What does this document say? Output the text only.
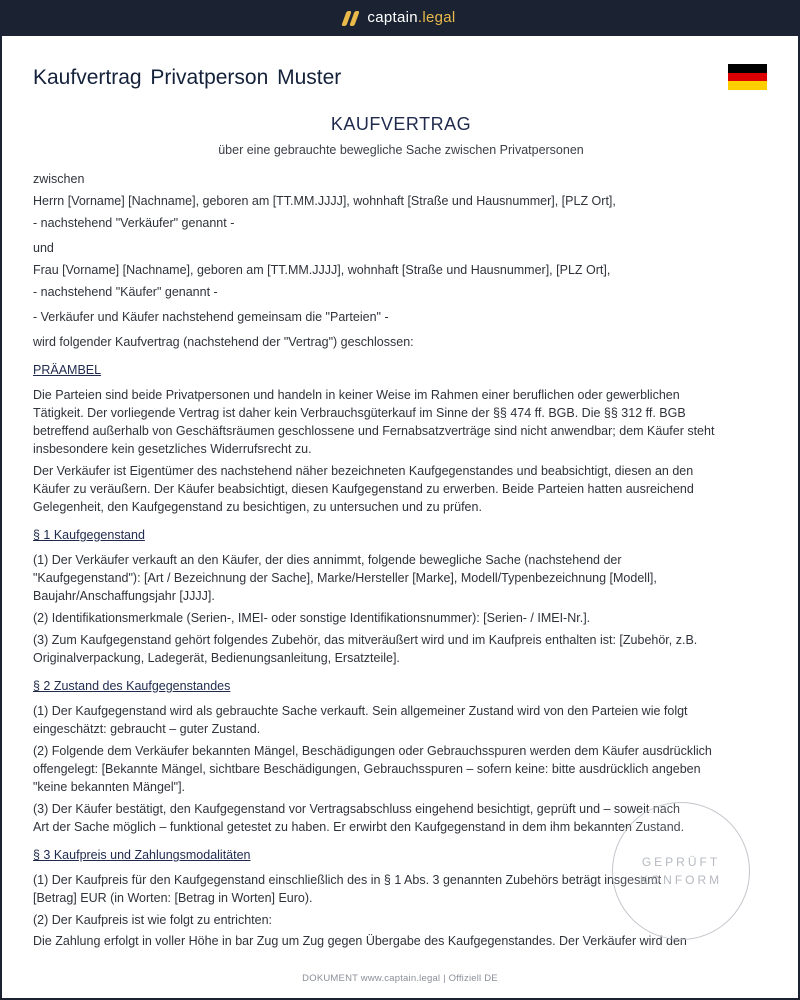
captain.legal
Kaufvertrag Privatperson Muster
KAUFVERTRAG

über eine gebrauchte bewegliche Sache zwischen Privatpersonen

zwischen

Herrn [Vorname] [Nachname], geboren am [TT.MM.JJJJ], wohnhaft [Straße und Hausnummer], [PLZ Ort],

- nachstehend "Verkäufer" genannt -

und

Frau [Vorname] [Nachname], geboren am [TT.MM.JJJJ], wohnhaft [Straße und Hausnummer], [PLZ Ort],

- nachstehend "Käufer" genannt -

- Verkäufer und Käufer nachstehend gemeinsam die "Parteien" -

wird folgender Kaufvertrag (nachstehend der "Vertrag") geschlossen:

PRÄAMBEL

Die Parteien sind beide Privatpersonen und handeln in keiner Weise im Rahmen einer beruflichen oder gewerblichen

Tätigkeit. Der vorliegende Vertrag ist daher kein Verbrauchsgüterkauf im Sinne der §§ 474 ff. BGB. Die §§ 312 ff. BGB

betreffend außerhalb von Geschäftsräumen geschlossene und Fernabsatzverträge sind nicht anwendbar; dem Käufer steht

insbesondere kein gesetzliches Widerrufsrecht zu.

Der Verkäufer ist Eigentümer des nachstehend näher bezeichneten Kaufgegenstandes und beabsichtigt, diesen an den

Käufer zu veräußern. Der Käufer beabsichtigt, diesen Kaufgegenstand zu erwerben. Beide Parteien hatten ausreichend

Gelegenheit, den Kaufgegenstand zu besichtigen, zu untersuchen und zu prüfen.

§ 1 Kaufgegenstand

(1) Der Verkäufer verkauft an den Käufer, der dies annimmt, folgende bewegliche Sache (nachstehend der

"Kaufgegenstand"): [Art / Bezeichnung der Sache], Marke/Hersteller [Marke], Modell/Typenbezeichnung [Modell],

Baujahr/Anschaffungsjahr [JJJJ].

(2) Identifikationsmerkmale (Serien-, IMEI- oder sonstige Identifikationsnummer): [Serien- / IMEI-Nr.].

(3) Zum Kaufgegenstand gehört folgendes Zubehör, das mitveräußert wird und im Kaufpreis enthalten ist: [Zubehör, z.B.

Originalverpackung, Ladegerät, Bedienungsanleitung, Ersatzteile].

§ 2 Zustand des Kaufgegenstandes

(1) Der Kaufgegenstand wird als gebrauchte Sache verkauft. Sein allgemeiner Zustand wird von den Parteien wie folgt

eingeschätzt: gebraucht – guter Zustand.

(2) Folgende dem Verkäufer bekannten Mängel, Beschädigungen oder Gebrauchsspuren werden dem Käufer ausdrücklich

offengelegt: [Bekannte Mängel, sichtbare Beschädigungen, Gebrauchsspuren – sofern keine: bitte ausdrücklich angeben

"keine bekannten Mängel"].

(3) Der Käufer bestätigt, den Kaufgegenstand vor Vertragsabschluss eingehend besichtigt, geprüft und – soweit nach

Art der Sache möglich – funktional getestet zu haben. Er erwirbt den Kaufgegenstand in dem ihm bekannten Zustand.

§ 3 Kaufpreis und Zahlungsmodalitäten

(1) Der Kaufpreis für den Kaufgegenstand einschließlich des in § 1 Abs. 3 genannten Zubehörs beträgt insgesamt

[Betrag] EUR (in Worten: [Betrag in Worten] Euro).

(2) Der Kaufpreis ist wie folgt zu entrichten:

Die Zahlung erfolgt in voller Höhe in bar Zug um Zug gegen Übergabe des Kaufgegenstandes. Der Verkäufer wird den

GEPRÜFT
KONFORM
DOKUMENT www.captain.legal | Offiziell DE
